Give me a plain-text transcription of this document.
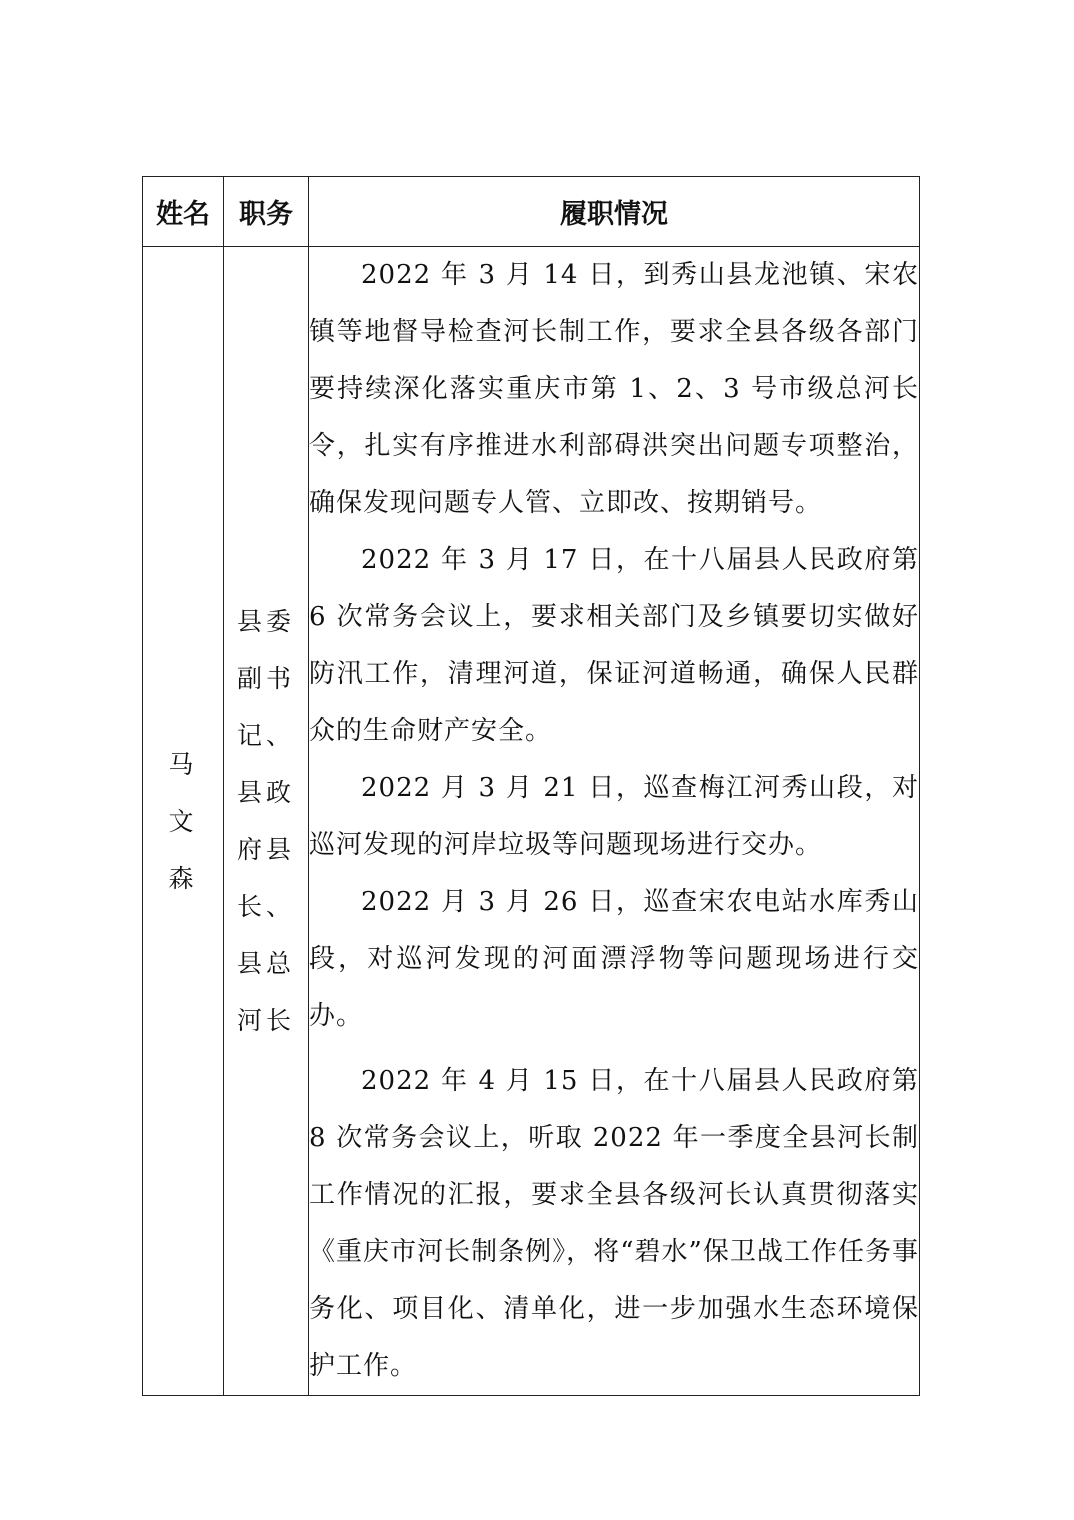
姓名	职务	履职情况
马文森	县委副书记、县政府县长、县总河长	2022 年 3 月 14 日，到秀山县龙池镇、宋农镇等地督导检查河长制工作，要求全县各级各部门要持续深化落实重庆市第 1、2、3 号市级总河长令，扎实有序推进水利部碍洪突出问题专项整治，确保发现问题专人管、立即改、按期销号。

2022 年 3 月 17 日，在十八届县人民政府第 6 次常务会议上，要求相关部门及乡镇要切实做好防汛工作，清理河道，保证河道畅通，确保人民群众的生命财产安全。

2022 月 3 月 21 日，巡查梅江河秀山段，对巡河发现的河岸垃圾等问题现场进行交办。

2022 月 3 月 26 日，巡查宋农电站水库秀山段，对巡河发现的河面漂浮物等问题现场进行交办。

2022 年 4 月 15 日，在十八届县人民政府第 8 次常务会议上，听取 2022 年一季度全县河长制工作情况的汇报，要求全县各级河长认真贯彻落实《重庆市河长制条例》，将“碧水”保卫战工作任务事务化、项目化、清单化，进一步加强水生态环境保护工作。
